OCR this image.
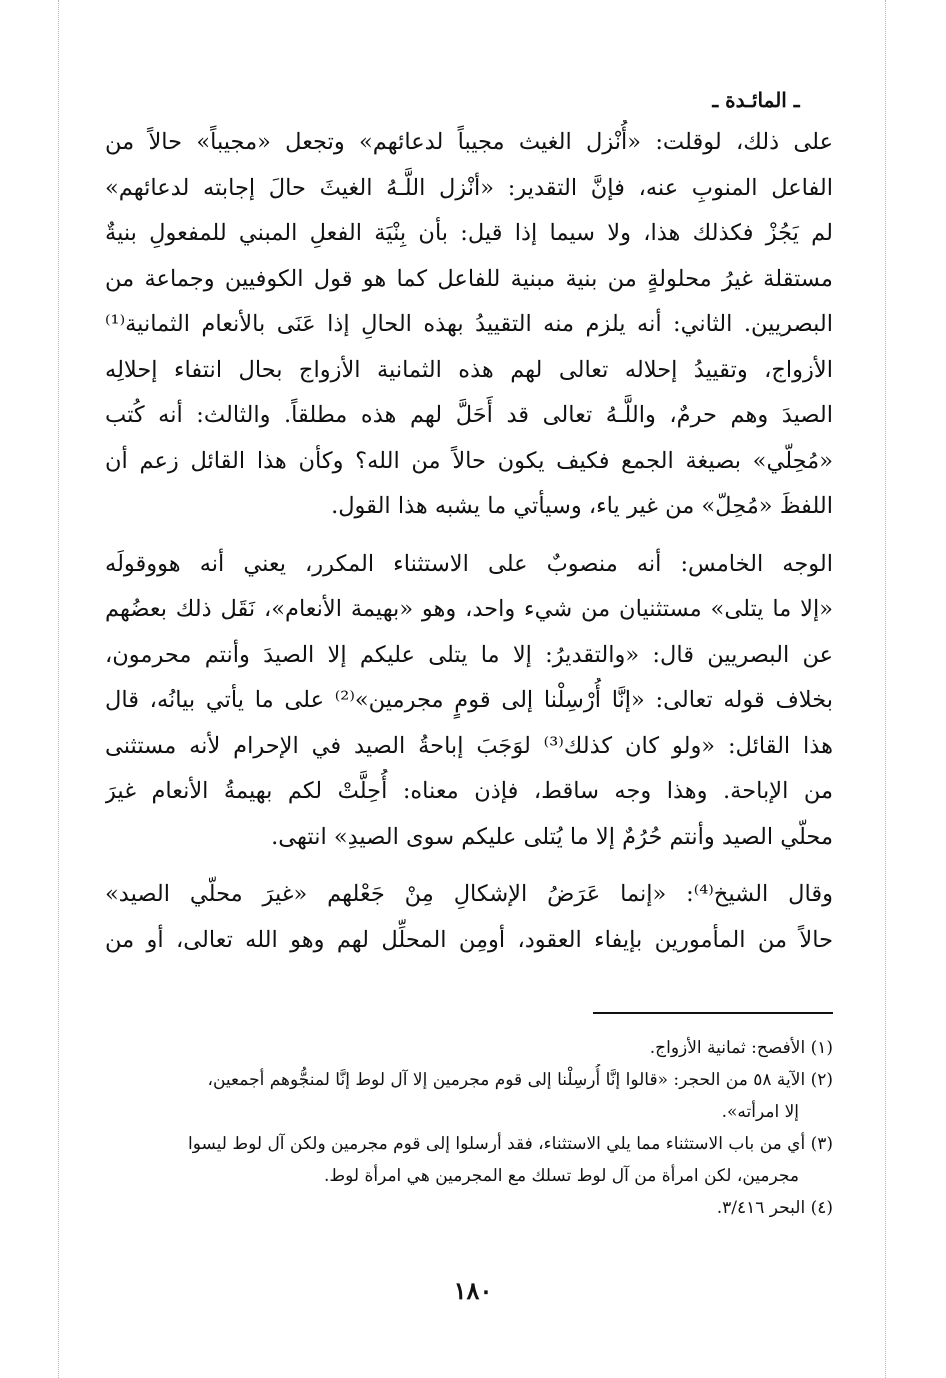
ـ المائـدة ـ
على ذلك، لوقلت: «أُنْزل الغيث مجيباً لدعائهم» وتجعل «مجيباً» حالاً من
الفاعل المنوبِ عنه، فإنَّ التقدير: «أنْزل اللَّـهُ الغيثَ حالَ إجابته لدعائهم»
لم يَجُزْ فكذلك هذا، ولا سيما إذا قيل: بأن بِنْيَة الفعلِ المبني للمفعولِ بنيةٌ
مستقلة غيرُ محلولةٍ من بنية مبنية للفاعل كما هو قول الكوفيين وجماعة من
البصريين. الثاني: أنه يلزم منه التقييدُ بهذه الحالِ إذا عَنَى بالأنعام الثمانية⁽¹⁾
الأزواج، وتقييدُ إحلاله تعالى لهم هذه الثمانية الأزواج بحال انتفاء إحلالِه
الصيدَ وهم حرمٌ، واللَّـهُ تعالى قد أَحَلَّ لهم هذه مطلقاً. والثالث: أنه كُتب
«مُحِلّي» بصيغة الجمع فكيف يكون حالاً من الله؟ وكأن هذا القائل زعم أن
اللفظَ «مُحِلّ» من غير ياء، وسيأتي ما يشبه هذا القول.
الوجه الخامس: أنه منصوبٌ على الاستثناء المكرر، يعني أنه هووقولَه
«إلا ما يتلى» مستثنيان من شيء واحد، وهو «بهيمة الأنعام»، نَقَل ذلك بعضُهم
عن البصريين قال: «والتقديرُ: إلا ما يتلى عليكم إلا الصيدَ وأنتم محرمون،
بخلاف قوله تعالى: «إنَّا أُرْسِلْنا إلى قومٍ مجرمين»⁽²⁾ على ما يأتي بيانُه، قال
هذا القائل: «ولو كان كذلك⁽³⁾ لوَجَبَ إباحةُ الصيد في الإحرام لأنه مستثنى
من الإباحة. وهذا وجه ساقط، فإذن معناه: أُحِلَّتْ لكم بهيمةُ الأنعام غيرَ
محلّي الصيد وأنتم حُرُمٌ إلا ما يُتلى عليكم سوى الصيدِ» انتهى.
وقال الشيخ⁽⁴⁾: «إنما عَرَضُ الإشكالِ مِنْ جَعْلهم «غيرَ محلّي الصيد»
حالاً من المأمورين بإيفاء العقود، أومِن المحلِّل لهم وهو الله تعالى، أو من
(١) الأفصح: ثمانية الأزواج.
(٢) الآية ٥٨ من الحجر: «قالوا إنَّا أُرسِلْنا إلى قوم مجرمين إلا آل لوط إنَّا لمنجُّوهم أجمعين،
إلا امرأته».
(٣) أي من باب الاستثناء مما يلي الاستثناء، فقد أرسلوا إلى قوم مجرمين ولكن آل لوط ليسوا
مجرمين، لكن امرأة من آل لوط تسلك مع المجرمين هي امرأة لوط.
(٤) البحر ٣/٤١٦.
١٨٠
